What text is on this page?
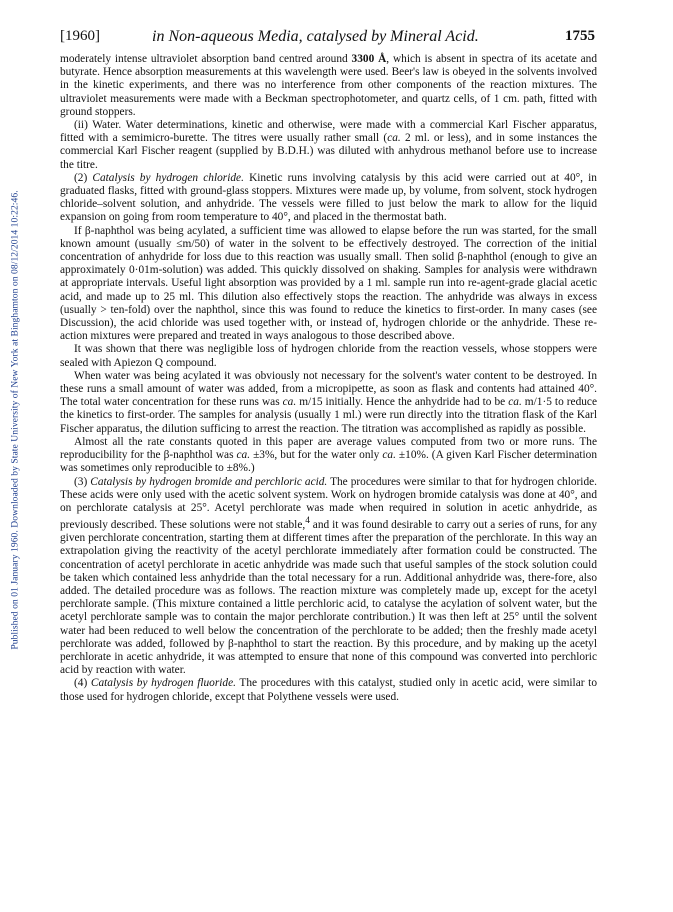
Published on 01 January 1960. Downloaded by State University of New York at Binghamton on 08/12/2014 10:22:46.
[1960]	in Non-aqueous Media, catalysed by Mineral Acid.	1755

moderately intense ultraviolet absorption band centred around 3300 Å, which is absent in spectra of its acetate and butyrate. Hence absorption measurements at this wavelength were used. Beer's law is obeyed in the solvents involved in the kinetic experiments, and there was no interference from other components of the reaction mixtures. The ultraviolet measurements were made with a Beckman spectrophotometer, and quartz cells, of 1 cm. path, fitted with ground stoppers.

(ii) Water. Water determinations, kinetic and otherwise, were made with a commercial Karl Fischer apparatus, fitted with a semimicro-burette. The titres were usually rather small (ca. 2 ml. or less), and in some instances the commercial Karl Fischer reagent (supplied by B.D.H.) was diluted with anhydrous methanol before use to increase the titre.

(2) Catalysis by hydrogen chloride. Kinetic runs involving catalysis by this acid were carried out at 40°, in graduated flasks, fitted with ground-glass stoppers. Mixtures were made up, by volume, from solvent, stock hydrogen chloride–solvent solution, and anhydride. The vessels were filled to just below the mark to allow for the liquid expansion on going from room temperature to 40°, and placed in the thermostat bath.

If β-naphthol was being acylated, a sufficient time was allowed to elapse before the run was started, for the small known amount (usually ≤m/50) of water in the solvent to be effectively destroyed. The correction of the initial concentration of anhydride for loss due to this reaction was usually small. Then solid β-naphthol (enough to give an approximately 0·01m-solution) was added. This quickly dissolved on shaking. Samples for analysis were withdrawn at appropriate intervals. Useful light absorption was provided by a 1 ml. sample run into re-agent-grade glacial acetic acid, and made up to 25 ml. This dilution also effectively stops the reaction. The anhydride was always in excess (usually > ten-fold) over the naphthol, since this was found to reduce the kinetics to first-order. In many cases (see Discussion), the acid chloride was used together with, or instead of, hydrogen chloride or the anhydride. These re-action mixtures were prepared and treated in ways analogous to those described above.

It was shown that there was negligible loss of hydrogen chloride from the reaction vessels, whose stoppers were sealed with Apiezon Q compound.

When water was being acylated it was obviously not necessary for the solvent's water content to be destroyed. In these runs a small amount of water was added, from a micropipette, as soon as flask and contents had attained 40°. The total water concentration for these runs was ca. m/15 initially. Hence the anhydride had to be ca. m/1·5 to reduce the kinetics to first-order. The samples for analysis (usually 1 ml.) were run directly into the titration flask of the Karl Fischer apparatus, the dilution sufficing to arrest the reaction. The titration was accomplished as rapidly as possible.

Almost all the rate constants quoted in this paper are average values computed from two or more runs. The reproducibility for the β-naphthol was ca. ±3%, but for the water only ca. ±10%. (A given Karl Fischer determination was sometimes only reproducible to ±8%.)

(3) Catalysis by hydrogen bromide and perchloric acid. The procedures were similar to that for hydrogen chloride. These acids were only used with the acetic solvent system. Work on hydrogen bromide catalysis was done at 40°, and on perchlorate catalysis at 25°. Acetyl perchlorate was made when required in solution in acetic anhydride, as previously described. These solutions were not stable,$^4$ and it was found desirable to carry out a series of runs, for any given perchlorate concentration, starting them at different times after the preparation of the perchlorate. In this way an extrapolation giving the reactivity of the acetyl perchlorate immediately after formation could be constructed. The concentration of acetyl perchlorate in acetic anhydride was made such that useful samples of the stock solution could be taken which contained less anhydride than the total necessary for a run. Additional anhydride was, there-fore, also added. The detailed procedure was as follows. The reaction mixture was completely made up, except for the acetyl perchlorate sample. (This mixture contained a little perchloric acid, to catalyse the acylation of solvent water, but the acetyl perchlorate sample was to contain the major perchlorate contribution.) It was then left at 25° until the solvent water had been reduced to well below the concentration of the perchlorate to be added; then the freshly made acetyl perchlorate was added, followed by β-naphthol to start the reaction. By this procedure, and by making up the acetyl perchlorate in acetic anhydride, it was attempted to ensure that none of this compound was converted into perchloric acid by reaction with water.

(4) Catalysis by hydrogen fluoride. The procedures with this catalyst, studied only in acetic acid, were similar to those used for hydrogen chloride, except that Polythene vessels were used.
